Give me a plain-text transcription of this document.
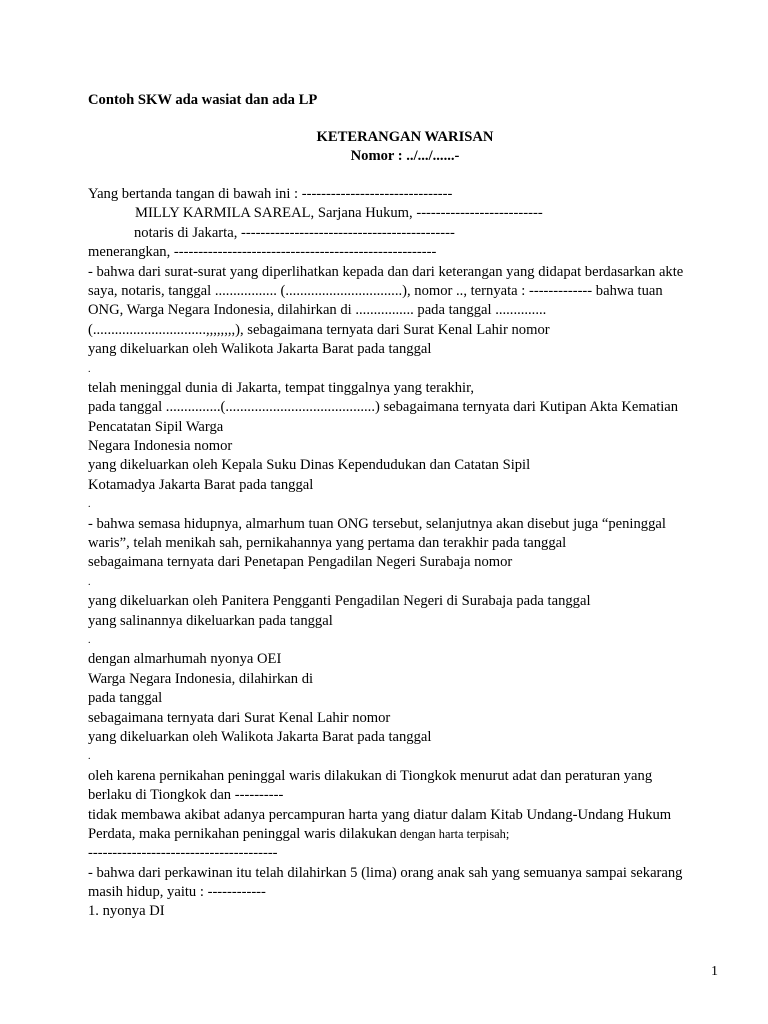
Contoh SKW ada wasiat dan ada LP
KETERANGAN WARISAN
Nomor : ../.../......-
Yang bertanda tangan di bawah ini : -------------------------------
MILLY KARMILA SAREAL, Sarjana Hukum, --------------------------
notaris di Jakarta, --------------------------------------------
menerangkan, ------------------------------------------------------
- bahwa dari surat-surat yang diperlihatkan kepada dan dari keterangan yang didapat berdasarkan akte
saya, notaris, tanggal ................. (................................), nomor .., ternyata : ------------- bahwa tuan
ONG, Warga Negara Indonesia, dilahirkan di ................ pada tanggal ..............
(...............................,,,,,,,,), sebagaimana ternyata dari Surat Kenal Lahir nomor
yang dikeluarkan oleh Walikota Jakarta Barat pada tanggal
.
telah meninggal dunia di Jakarta, tempat tinggalnya yang terakhir,
pada tanggal ...............(.........................................) sebagaimana ternyata dari Kutipan Akta Kematian
Pencatatan Sipil Warga
Negara Indonesia nomor
yang dikeluarkan oleh Kepala Suku Dinas Kependudukan dan Catatan Sipil
Kotamadya Jakarta Barat pada tanggal
.
- bahwa semasa hidupnya, almarhum tuan ONG tersebut, selanjutnya akan disebut juga “peninggal
waris”, telah menikah sah, pernikahannya yang pertama dan terakhir pada tanggal
sebagaimana ternyata dari Penetapan Pengadilan Negeri Surabaja nomor
.
yang dikeluarkan oleh Panitera Pengganti Pengadilan Negeri di Surabaja pada tanggal
yang salinannya dikeluarkan pada tanggal
.
dengan almarhumah nyonya OEI
Warga Negara Indonesia, dilahirkan di
pada tanggal
sebagaimana ternyata dari Surat Kenal Lahir nomor
yang dikeluarkan oleh Walikota Jakarta Barat pada tanggal
.
oleh karena pernikahan peninggal waris dilakukan di Tiongkok menurut adat dan peraturan yang
berlaku di Tiongkok dan ----------
tidak membawa akibat adanya percampuran harta yang diatur dalam Kitab Undang-Undang Hukum
Perdata, maka pernikahan peninggal waris dilakukan dengan harta terpisah;
---------------------------------------
- bahwa dari perkawinan itu telah dilahirkan 5 (lima) orang anak sah yang semuanya sampai sekarang
masih hidup, yaitu : ------------
1. nyonya DI
1
